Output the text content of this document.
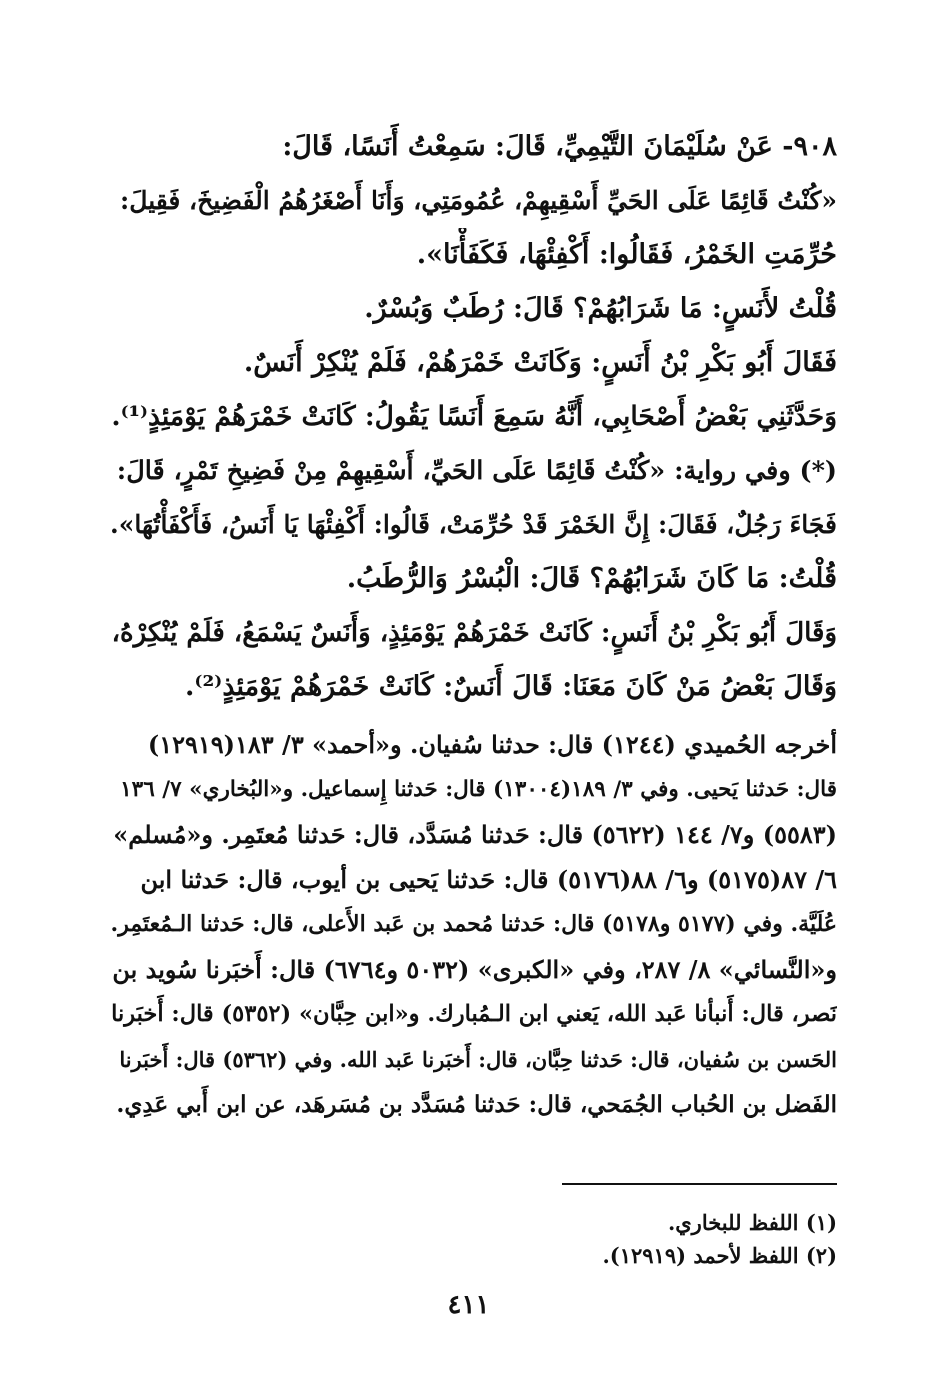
٩٠٨- عَنْ سُلَيْمَانَ التَّيْمِيِّ، قَالَ: سَمِعْتُ أَنَسًا، قَالَ:
«كُنْتُ قَائِمًا عَلَى الحَيِّ أَسْقِيهِمْ، عُمُومَتِي، وَأَنَا أَصْغَرُهُمُ الْفَضِيخَ، فَقِيلَ:
حُرِّمَتِ الخَمْرُ، فَقَالُوا: أَكْفِئْهَا، فَكَفَأْنَا».
قُلْتُ لأَنَسٍ: مَا شَرَابُهُمْ؟ قَالَ: رُطَبٌ وَبُسْرٌ.
فَقَالَ أَبُو بَكْرِ بْنُ أَنَسٍ: وَكَانَتْ خَمْرَهُمْ، فَلَمْ يُنْكِرْ أَنَسٌ.
وَحَدَّثَنِي بَعْضُ أَصْحَابِي، أَنَّهُ سَمِعَ أَنَسًا يَقُولُ: كَانَتْ خَمْرَهُمْ يَوْمَئِذٍ⁽¹⁾.
(*) وفي رواية: «كُنْتُ قَائِمًا عَلَى الحَيِّ، أَسْقِيهِمْ مِنْ فَضِيخِ تَمْرٍ، قَالَ:
فَجَاءَ رَجُلٌ، فَقَالَ: إِنَّ الخَمْرَ قَدْ حُرِّمَتْ، قَالُوا: أَكْفِئْهَا يَا أَنَسُ، فَأَكْفَأْتُهَا».
قُلْتُ: مَا كَانَ شَرَابُهُمْ؟ قَالَ: الْبُسْرُ وَالرُّطَبُ.
وَقَالَ أَبُو بَكْرِ بْنُ أَنَسٍ: كَانَتْ خَمْرَهُمْ يَوْمَئِذٍ، وَأَنَسٌ يَسْمَعُ، فَلَمْ يُنْكِرْهُ،
وَقَالَ بَعْضُ مَنْ كَانَ مَعَنَا: قَالَ أَنَسٌ: كَانَتْ خَمْرَهُمْ يَوْمَئِذٍ⁽²⁾.
أخرجه الحُميدي (١٢٤٤) قال: حدثنا سُفيان. و«أحمد» ٣/ ١٨٣(١٢٩١٩)
قال: حَدثنا يَحيى. وفي ٣/ ١٨٩(١٣٠٠٤) قال: حَدثنا إِسماعيل. و«البُخاري» ٧/ ١٣٦
(٥٥٨٣) و٧/ ١٤٤ (٥٦٢٢) قال: حَدثنا مُسَدَّد، قال: حَدثنا مُعتَمِر. و«مُسلم»
٦/ ٨٧(٥١٧٥) و٦/ ٨٨(٥١٧٦) قال: حَدثنا يَحيى بن أيوب، قال: حَدثنا ابن
عُلَيَّة. وفي (٥١٧٧ و٥١٧٨) قال: حَدثنا مُحمد بن عَبد الأَعلى، قال: حَدثنا الـمُعتَمِر.
و«النَّسائي» ٨/ ٢٨٧، وفي «الكبرى» (٥٠٣٢ و٦٧٦٤) قال: أَخبَرنا سُويد بن
نَصر، قال: أَنبأنا عَبد الله، يَعني ابن الـمُبارك. و«ابن حِبَّان» (٥٣٥٢) قال: أَخبَرنا
الحَسن بن سُفيان، قال: حَدثنا حِبَّان، قال: أَخبَرنا عَبد الله. وفي (٥٣٦٢) قال: أَخبَرنا
الفَضل بن الحُباب الجُمَحي، قال: حَدثنا مُسَدَّد بن مُسَرهَد، عن ابن أَبي عَدِي.
(١) اللفظ للبخاري.
(٢) اللفظ لأحمد (١٢٩١٩).
٤١١
